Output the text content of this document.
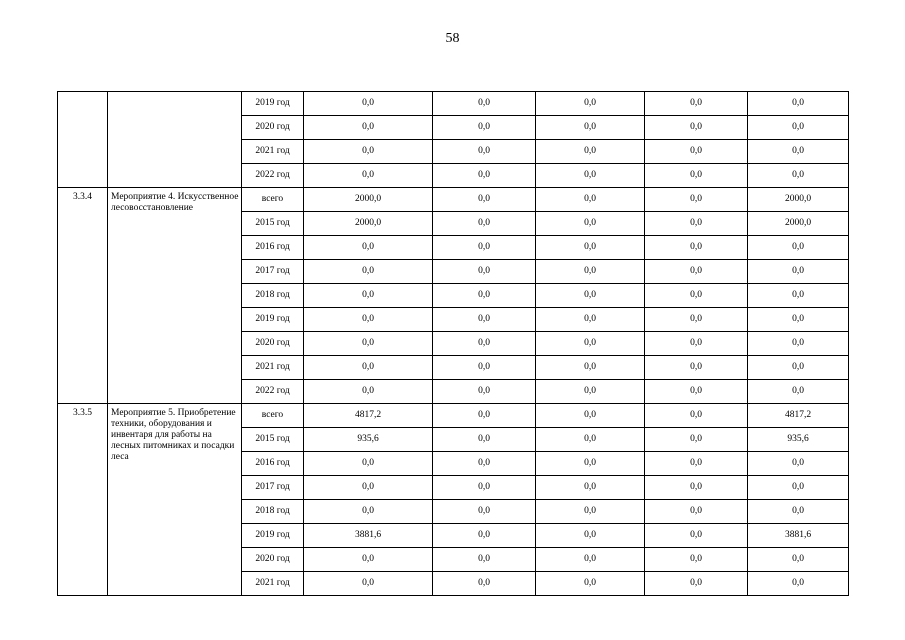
58
		2019 год	0,0	0,0	0,0	0,0	0,0
		2020 год	0,0	0,0	0,0	0,0	0,0
		2021 год	0,0	0,0	0,0	0,0	0,0
		2022 год	0,0	0,0	0,0	0,0	0,0
3.3.4	Мероприятие 4. Искусственное лесовосстановление	всего	2000,0	0,0	0,0	0,0	2000,0
		2015 год	2000,0	0,0	0,0	0,0	2000,0
		2016 год	0,0	0,0	0,0	0,0	0,0
		2017 год	0,0	0,0	0,0	0,0	0,0
		2018 год	0,0	0,0	0,0	0,0	0,0
		2019 год	0,0	0,0	0,0	0,0	0,0
		2020 год	0,0	0,0	0,0	0,0	0,0
		2021 год	0,0	0,0	0,0	0,0	0,0
		2022 год	0,0	0,0	0,0	0,0	0,0
3.3.5	Мероприятие 5. Приобретение техники, оборудования и инвентаря для работы на лесных питомниках и посадки леса	всего	4817,2	0,0	0,0	0,0	4817,2
		2015 год	935,6	0,0	0,0	0,0	935,6
		2016 год	0,0	0,0	0,0	0,0	0,0
		2017 год	0,0	0,0	0,0	0,0	0,0
		2018 год	0,0	0,0	0,0	0,0	0,0
		2019 год	3881,6	0,0	0,0	0,0	3881,6
		2020 год	0,0	0,0	0,0	0,0	0,0
		2021 год	0,0	0,0	0,0	0,0	0,0
